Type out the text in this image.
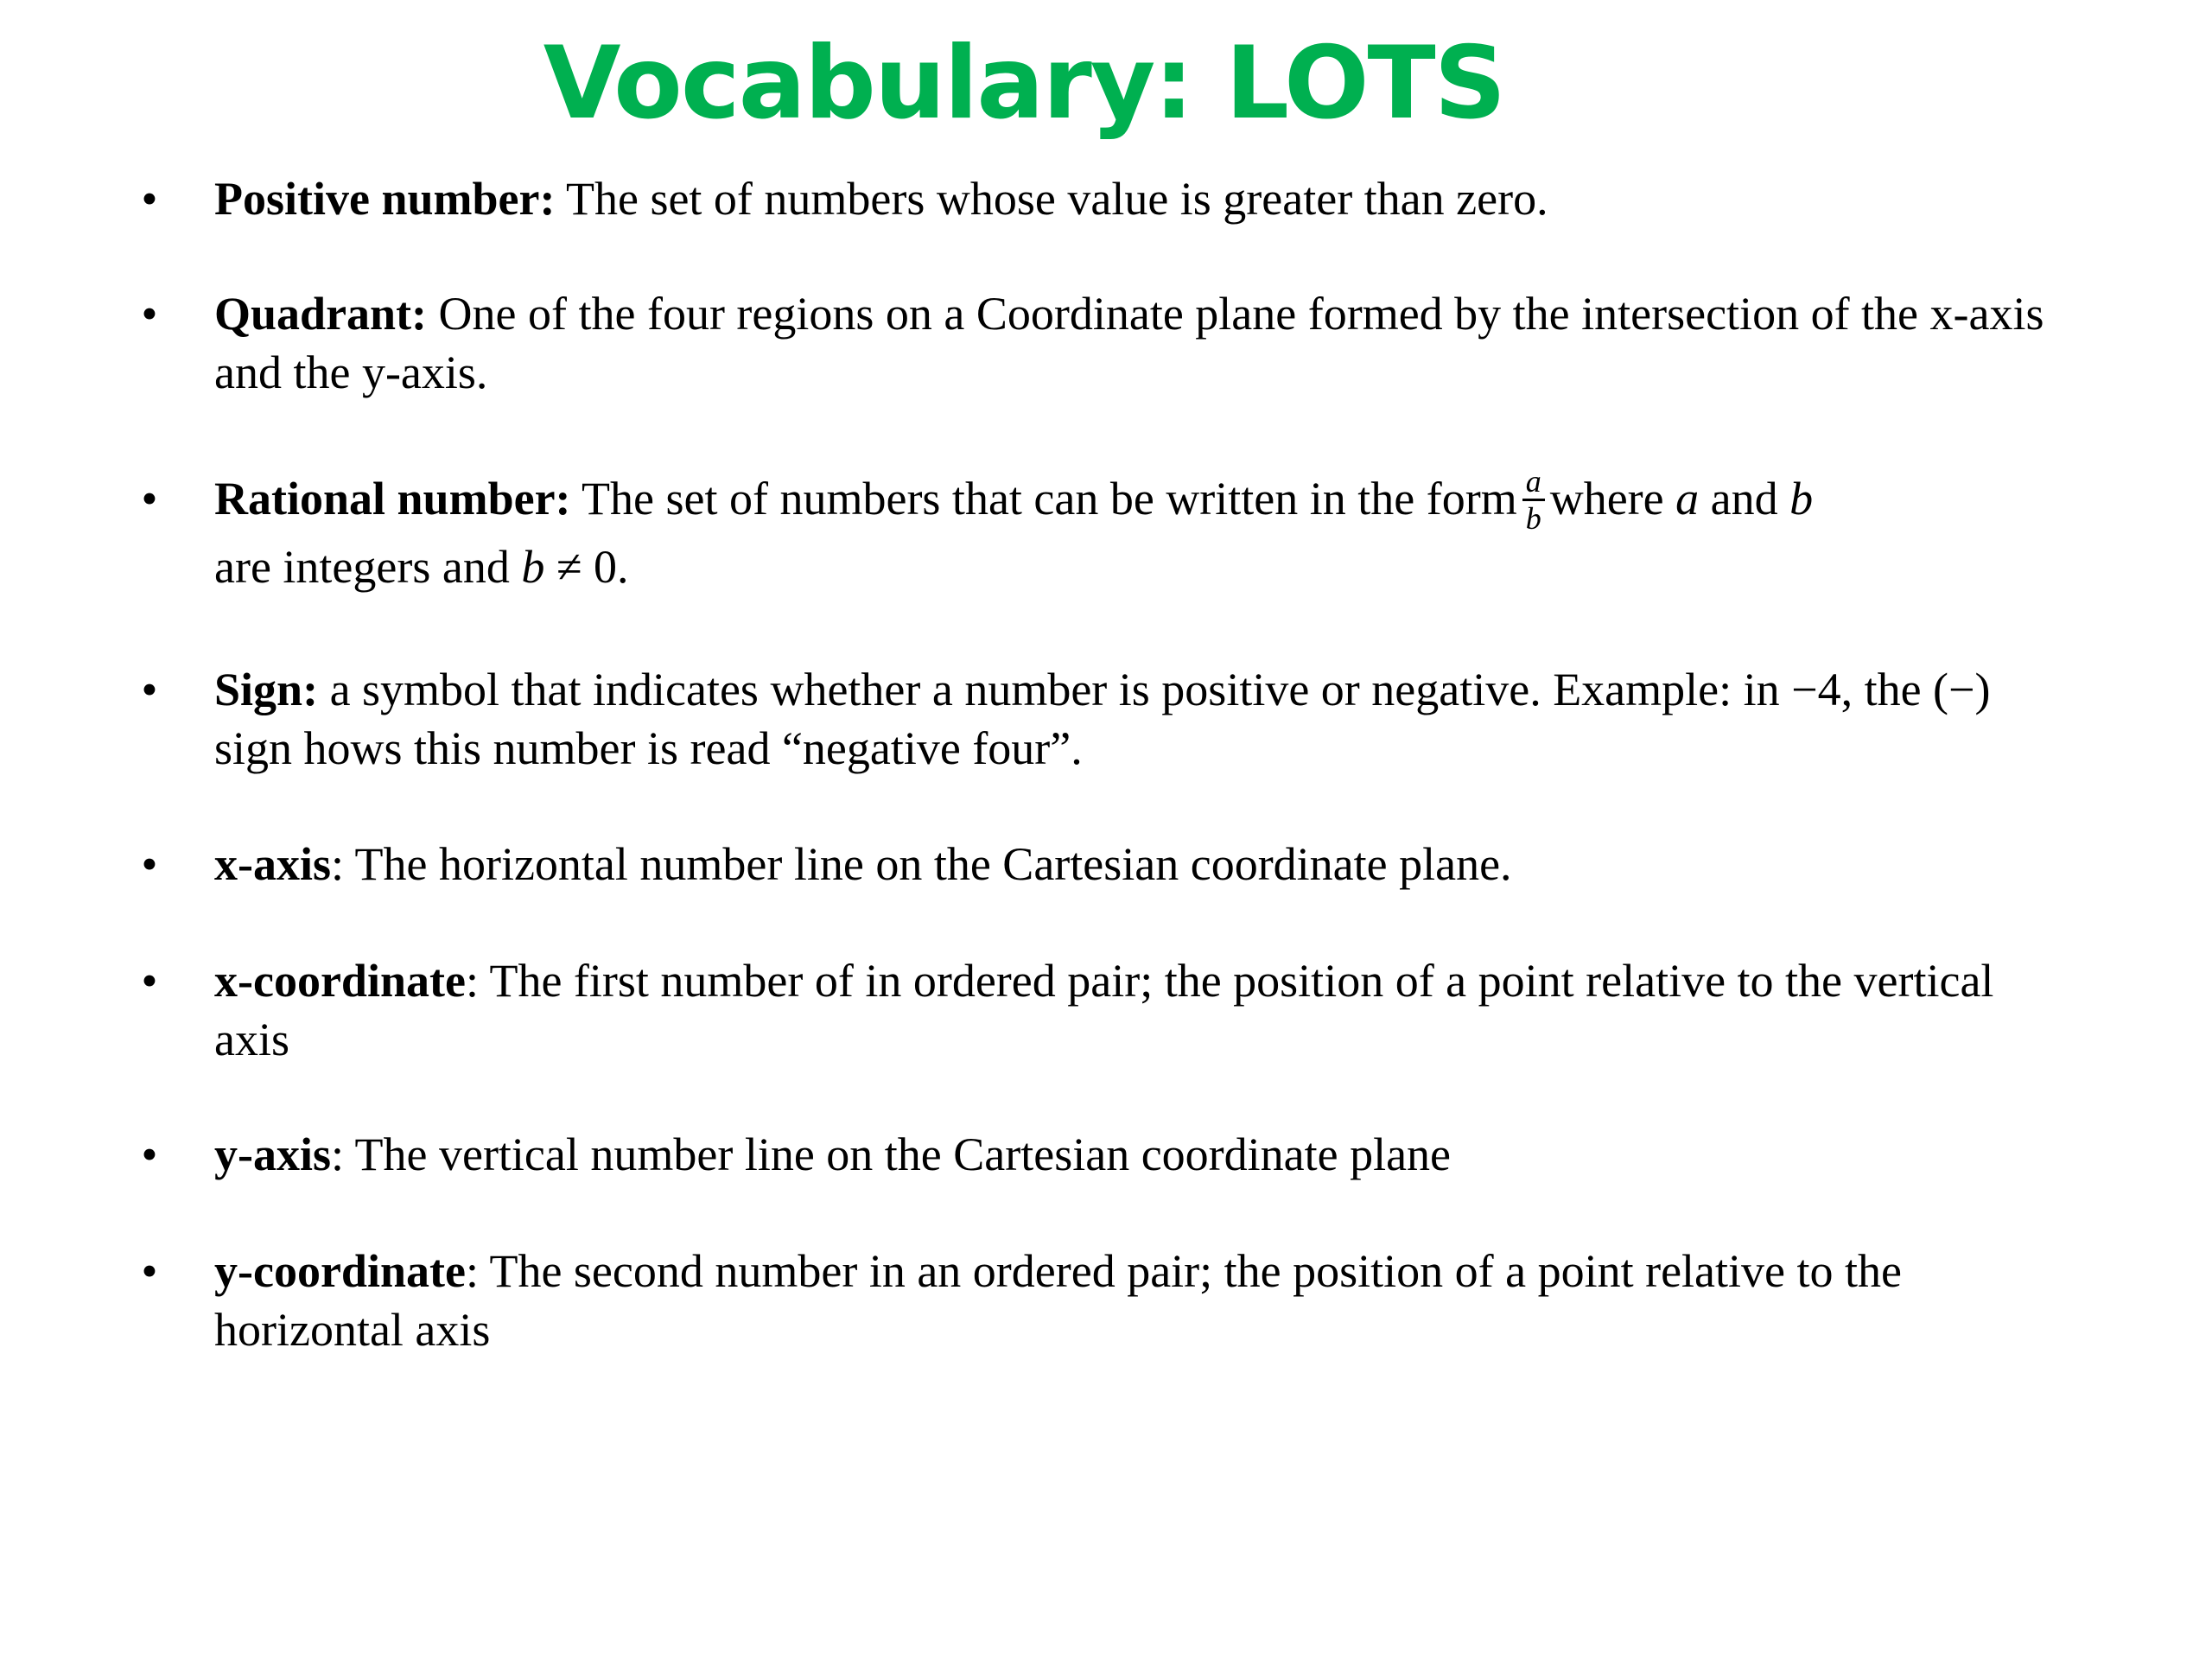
Vocabulary: LOTS
• Positive number: The set of numbers whose value is greater than zero.
• Quadrant: One of the four regions on a Coordinate plane formed by the intersection of the x-axis and the y-axis.
• Rational number: The set of numbers that can be written in the form $\frac{a}{b}$ where a and b
are integers and b ≠ 0.
• Sign: a symbol that indicates whether a number is positive or negative. Example: in −4, the (−) sign hows this number is read “negative four”.
• x-axis: The horizontal number line on the Cartesian coordinate plane.
• x-coordinate: The first number of in ordered pair; the position of a point relative to the vertical axis
• y-axis: The vertical number line on the Cartesian coordinate plane
• y-coordinate: The second number in an ordered pair; the position of a point relative to the horizontal axis
